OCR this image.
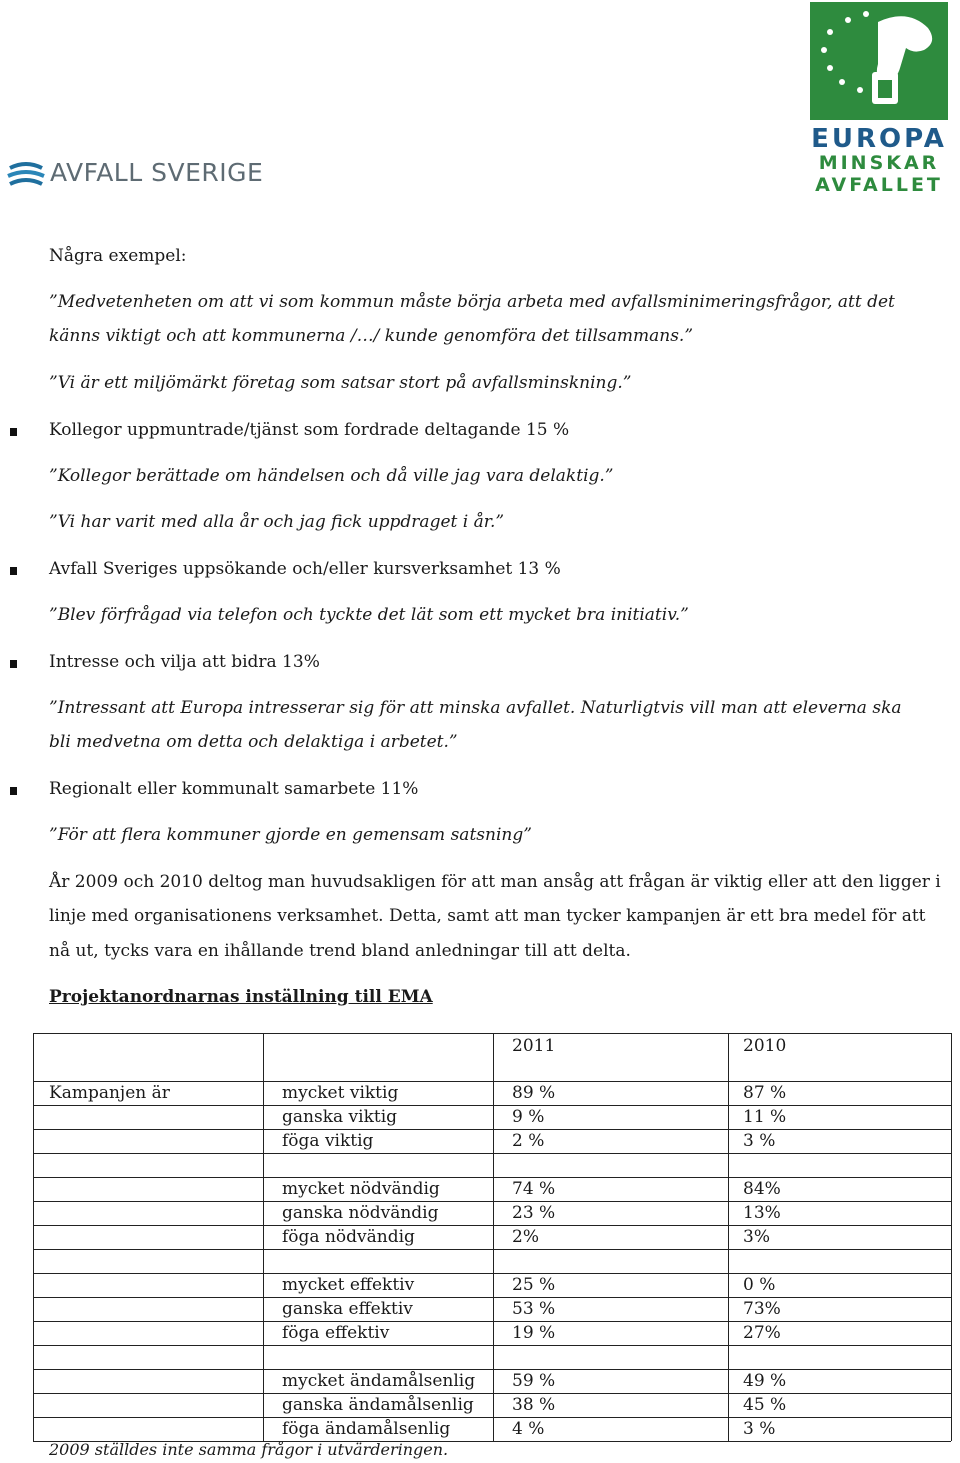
AVFALL SVERIGE
EUROPA
MINSKAR
AVFALLET
Några exempel:
”Medvetenheten om att vi som kommun måste börja arbeta med avfallsminimeringsfrågor, att det
känns viktigt och att kommunerna /…/ kunde genomföra det tillsammans.”
”Vi är ett miljömärkt företag som satsar stort på avfallsminskning.”
Kollegor uppmuntrade/tjänst som fordrade deltagande 15 %
”Kollegor berättade om händelsen och då ville jag vara delaktig.”
”Vi har varit med alla år och jag fick uppdraget i år.”
Avfall Sveriges uppsökande och/eller kursverksamhet 13 %
”Blev förfrågad via telefon och tyckte det lät som ett mycket bra initiativ.”
Intresse och vilja att bidra 13%
”Intressant att Europa intresserar sig för att minska avfallet. Naturligtvis vill man att eleverna ska
bli medvetna om detta och delaktiga i arbetet.”
Regionalt eller kommunalt samarbete 11%
”För att flera kommuner gjorde en gemensam satsning”
År 2009 och 2010 deltog man huvudsakligen för att man ansåg att frågan är viktig eller att den ligger i
linje med organisationens verksamhet. Detta, samt att man tycker kampanjen är ett bra medel för att
nå ut, tycks vara en ihållande trend bland anledningar till att delta.
Projektanordnarnas inställning till EMA
2011	2010
Kampanjen är	mycket viktig	89 %	87 %
ganska viktig	9 %	11 %
föga viktig	2 %	3 %
mycket nödvändig	74 %	84%
ganska nödvändig	23 %	13%
föga nödvändig	2%	3%
mycket effektiv	25 %	0 %
ganska effektiv	53 %	73%
föga effektiv	19 %	27%
mycket ändamålsenlig 59 %	49 %
ganska ändamålsenlig 38 %	45 %
föga ändamålsenlig	4 %	3 %
2009 ställdes inte samma frågor i utvärderingen.
